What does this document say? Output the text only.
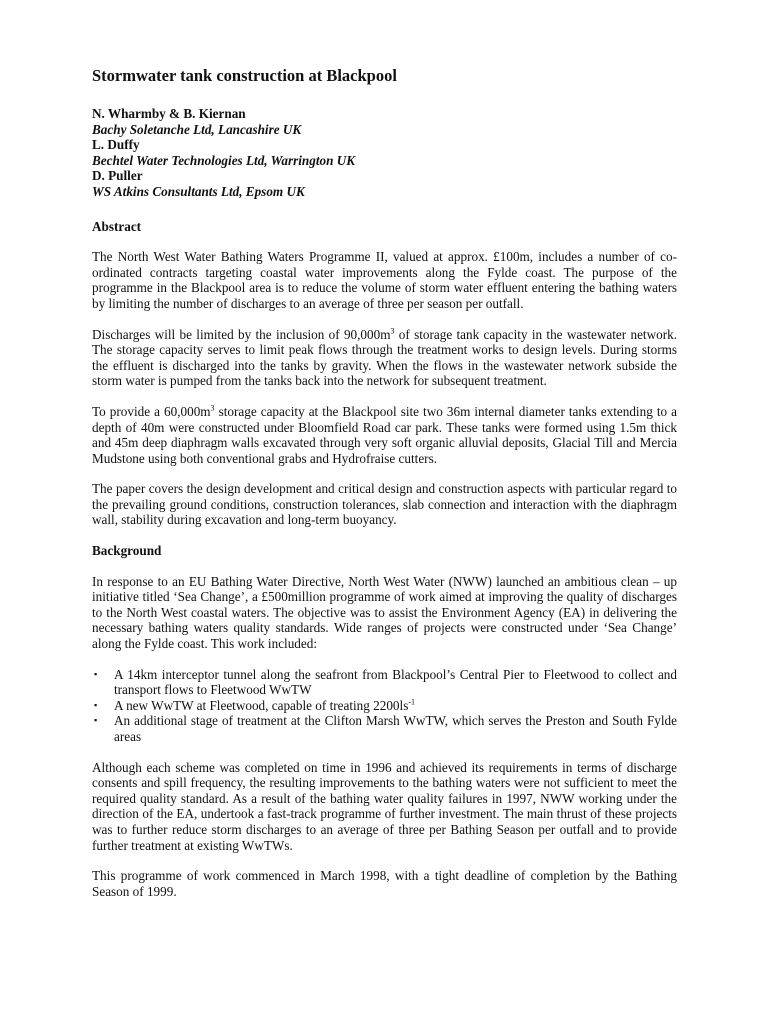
Stormwater tank construction at Blackpool
N. Wharmby & B. Kiernan
Bachy Soletanche Ltd, Lancashire UK
L. Duffy
Bechtel Water Technologies Ltd, Warrington UK
D. Puller
WS Atkins Consultants Ltd, Epsom UK
Abstract

The North West Water Bathing Waters Programme II, valued at approx. £100m, includes a number of co-ordinated contracts targeting coastal water improvements along the Fylde coast. The purpose of the programme in the Blackpool area is to reduce the volume of storm water effluent entering the bathing waters by limiting the number of discharges to an average of three per season per outfall.

Discharges will be limited by the inclusion of $90,000m^3$ of storage tank capacity in the wastewater network. The storage capacity serves to limit peak flows through the treatment works to design levels. During storms the effluent is discharged into the tanks by gravity. When the flows in the wastewater network subside the storm water is pumped from the tanks back into the network for subsequent treatment.

To provide a $60,000m^3$ storage capacity at the Blackpool site two 36m internal diameter tanks extending to a depth of 40m were constructed under Bloomfield Road car park. These tanks were formed using 1.5m thick and 45m deep diaphragm walls excavated through very soft organic alluvial deposits, Glacial Till and Mercia Mudstone using both conventional grabs and Hydrofraise cutters.

The paper covers the design development and critical design and construction aspects with particular regard to the prevailing ground conditions, construction tolerances, slab connection and interaction with the diaphragm wall, stability during excavation and long-term buoyancy.

Background

In response to an EU Bathing Water Directive, North West Water (NWW) launched an ambitious clean – up initiative titled ‘Sea Change’, a £500million programme of work aimed at improving the quality of discharges to the North West coastal waters. The objective was to assist the Environment Agency (EA) in delivering the necessary bathing waters quality standards. Wide ranges of projects were constructed under ‘Sea Change’ along the Fylde coast. This work included:

▪ A 14km interceptor tunnel along the seafront from Blackpool’s Central Pier to Fleetwood to collect and transport flows to Fleetwood WwTW
▪ A new WwTW at Fleetwood, capable of treating $2200ls^{-1}$
▪ An additional stage of treatment at the Clifton Marsh WwTW, which serves the Preston and South Fylde areas

Although each scheme was completed on time in 1996 and achieved its requirements in terms of discharge consents and spill frequency, the resulting improvements to the bathing waters were not sufficient to meet the required quality standard. As a result of the bathing water quality failures in 1997, NWW working under the direction of the EA, undertook a fast-track programme of further investment. The main thrust of these projects was to further reduce storm discharges to an average of three per Bathing Season per outfall and to provide further treatment at existing WwTWs.

This programme of work commenced in March 1998, with a tight deadline of completion by the Bathing Season of 1999.
